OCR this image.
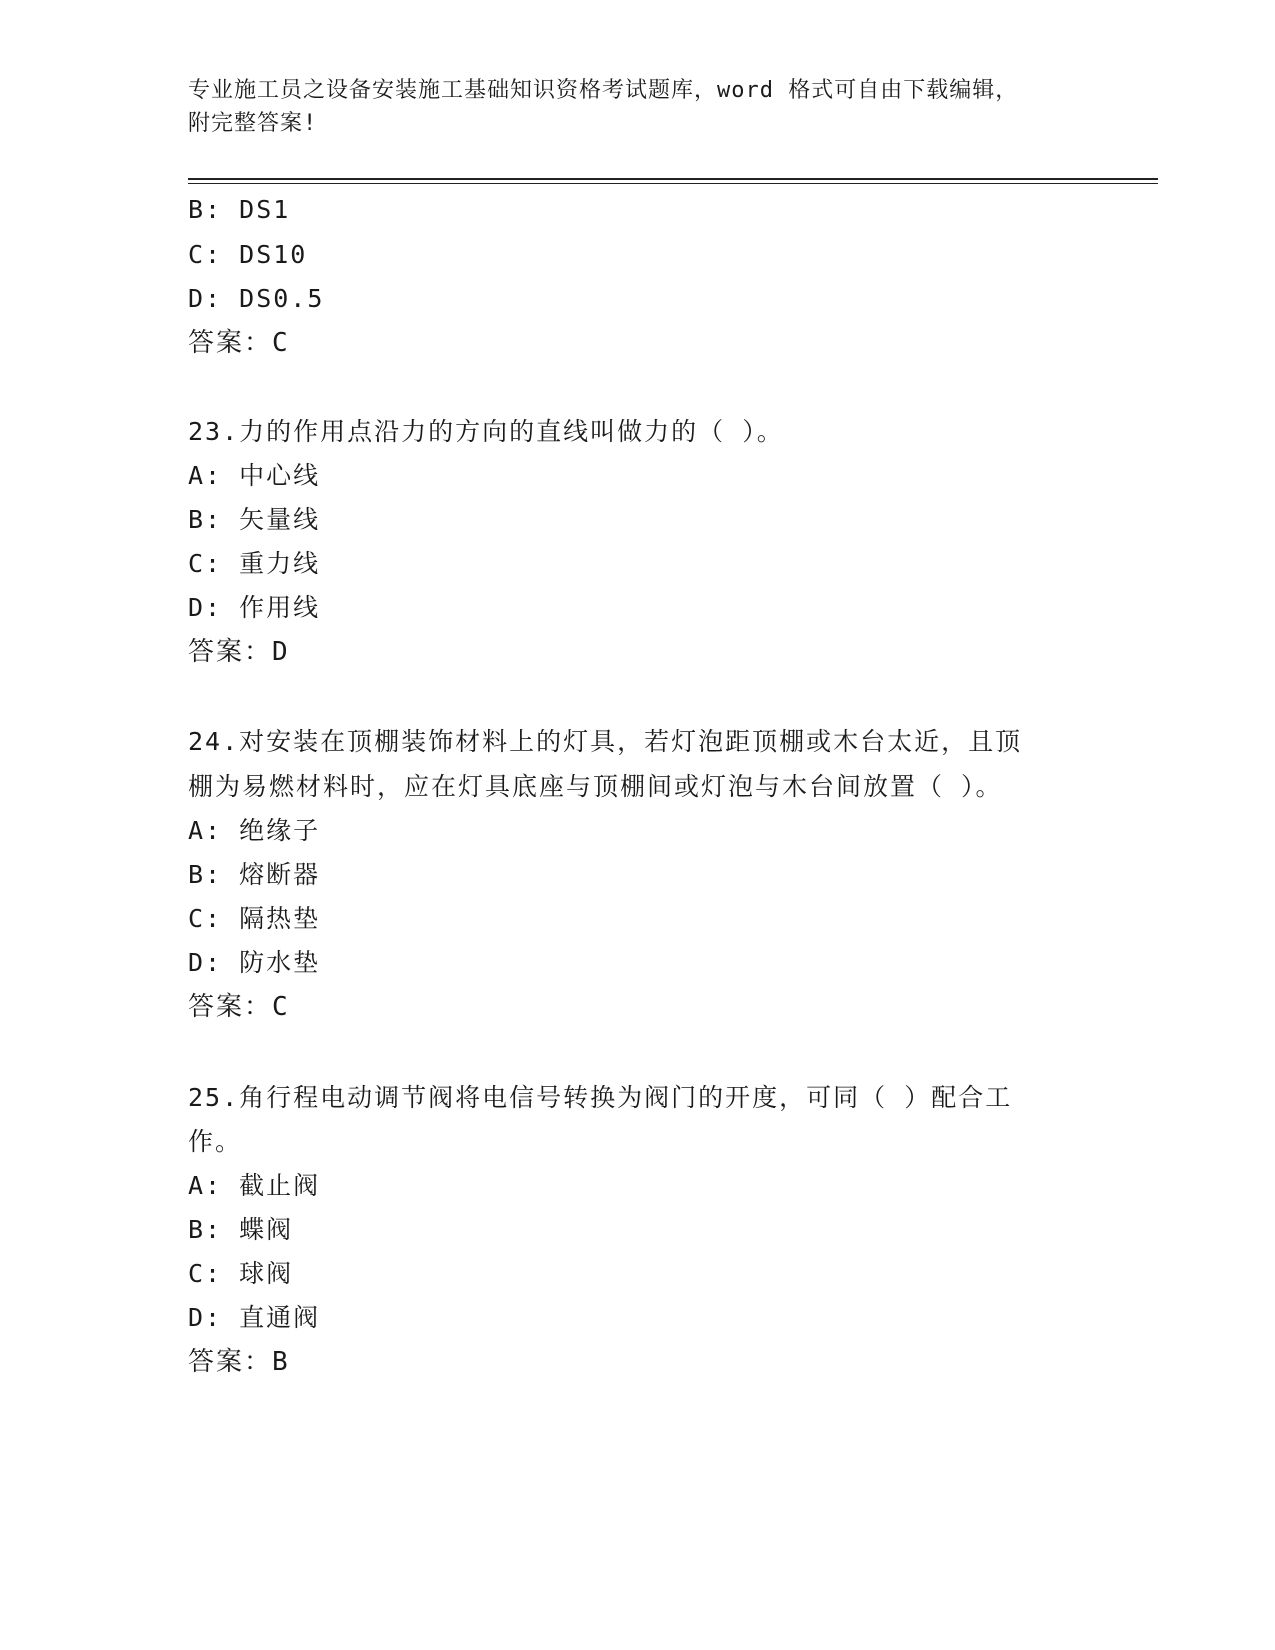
专业施工员之设备安装施工基础知识资格考试题库，word 格式可自由下载编辑，
附完整答案!
B: DS1
C: DS10
D: DS0.5
答案：C
23.力的作用点沿力的方向的直线叫做力的（ ）。
A: 中心线
B: 矢量线
C: 重力线
D: 作用线
答案：D
24.对安装在顶棚装饰材料上的灯具，若灯泡距顶棚或木台太近，且顶
棚为易燃材料时，应在灯具底座与顶棚间或灯泡与木台间放置（ ）。
A: 绝缘子
B: 熔断器
C: 隔热垫
D: 防水垫
答案：C
25.角行程电动调节阀将电信号转换为阀门的开度，可同（ ）配合工
作。
A: 截止阀
B: 蝶阀
C: 球阀
D: 直通阀
答案：B
